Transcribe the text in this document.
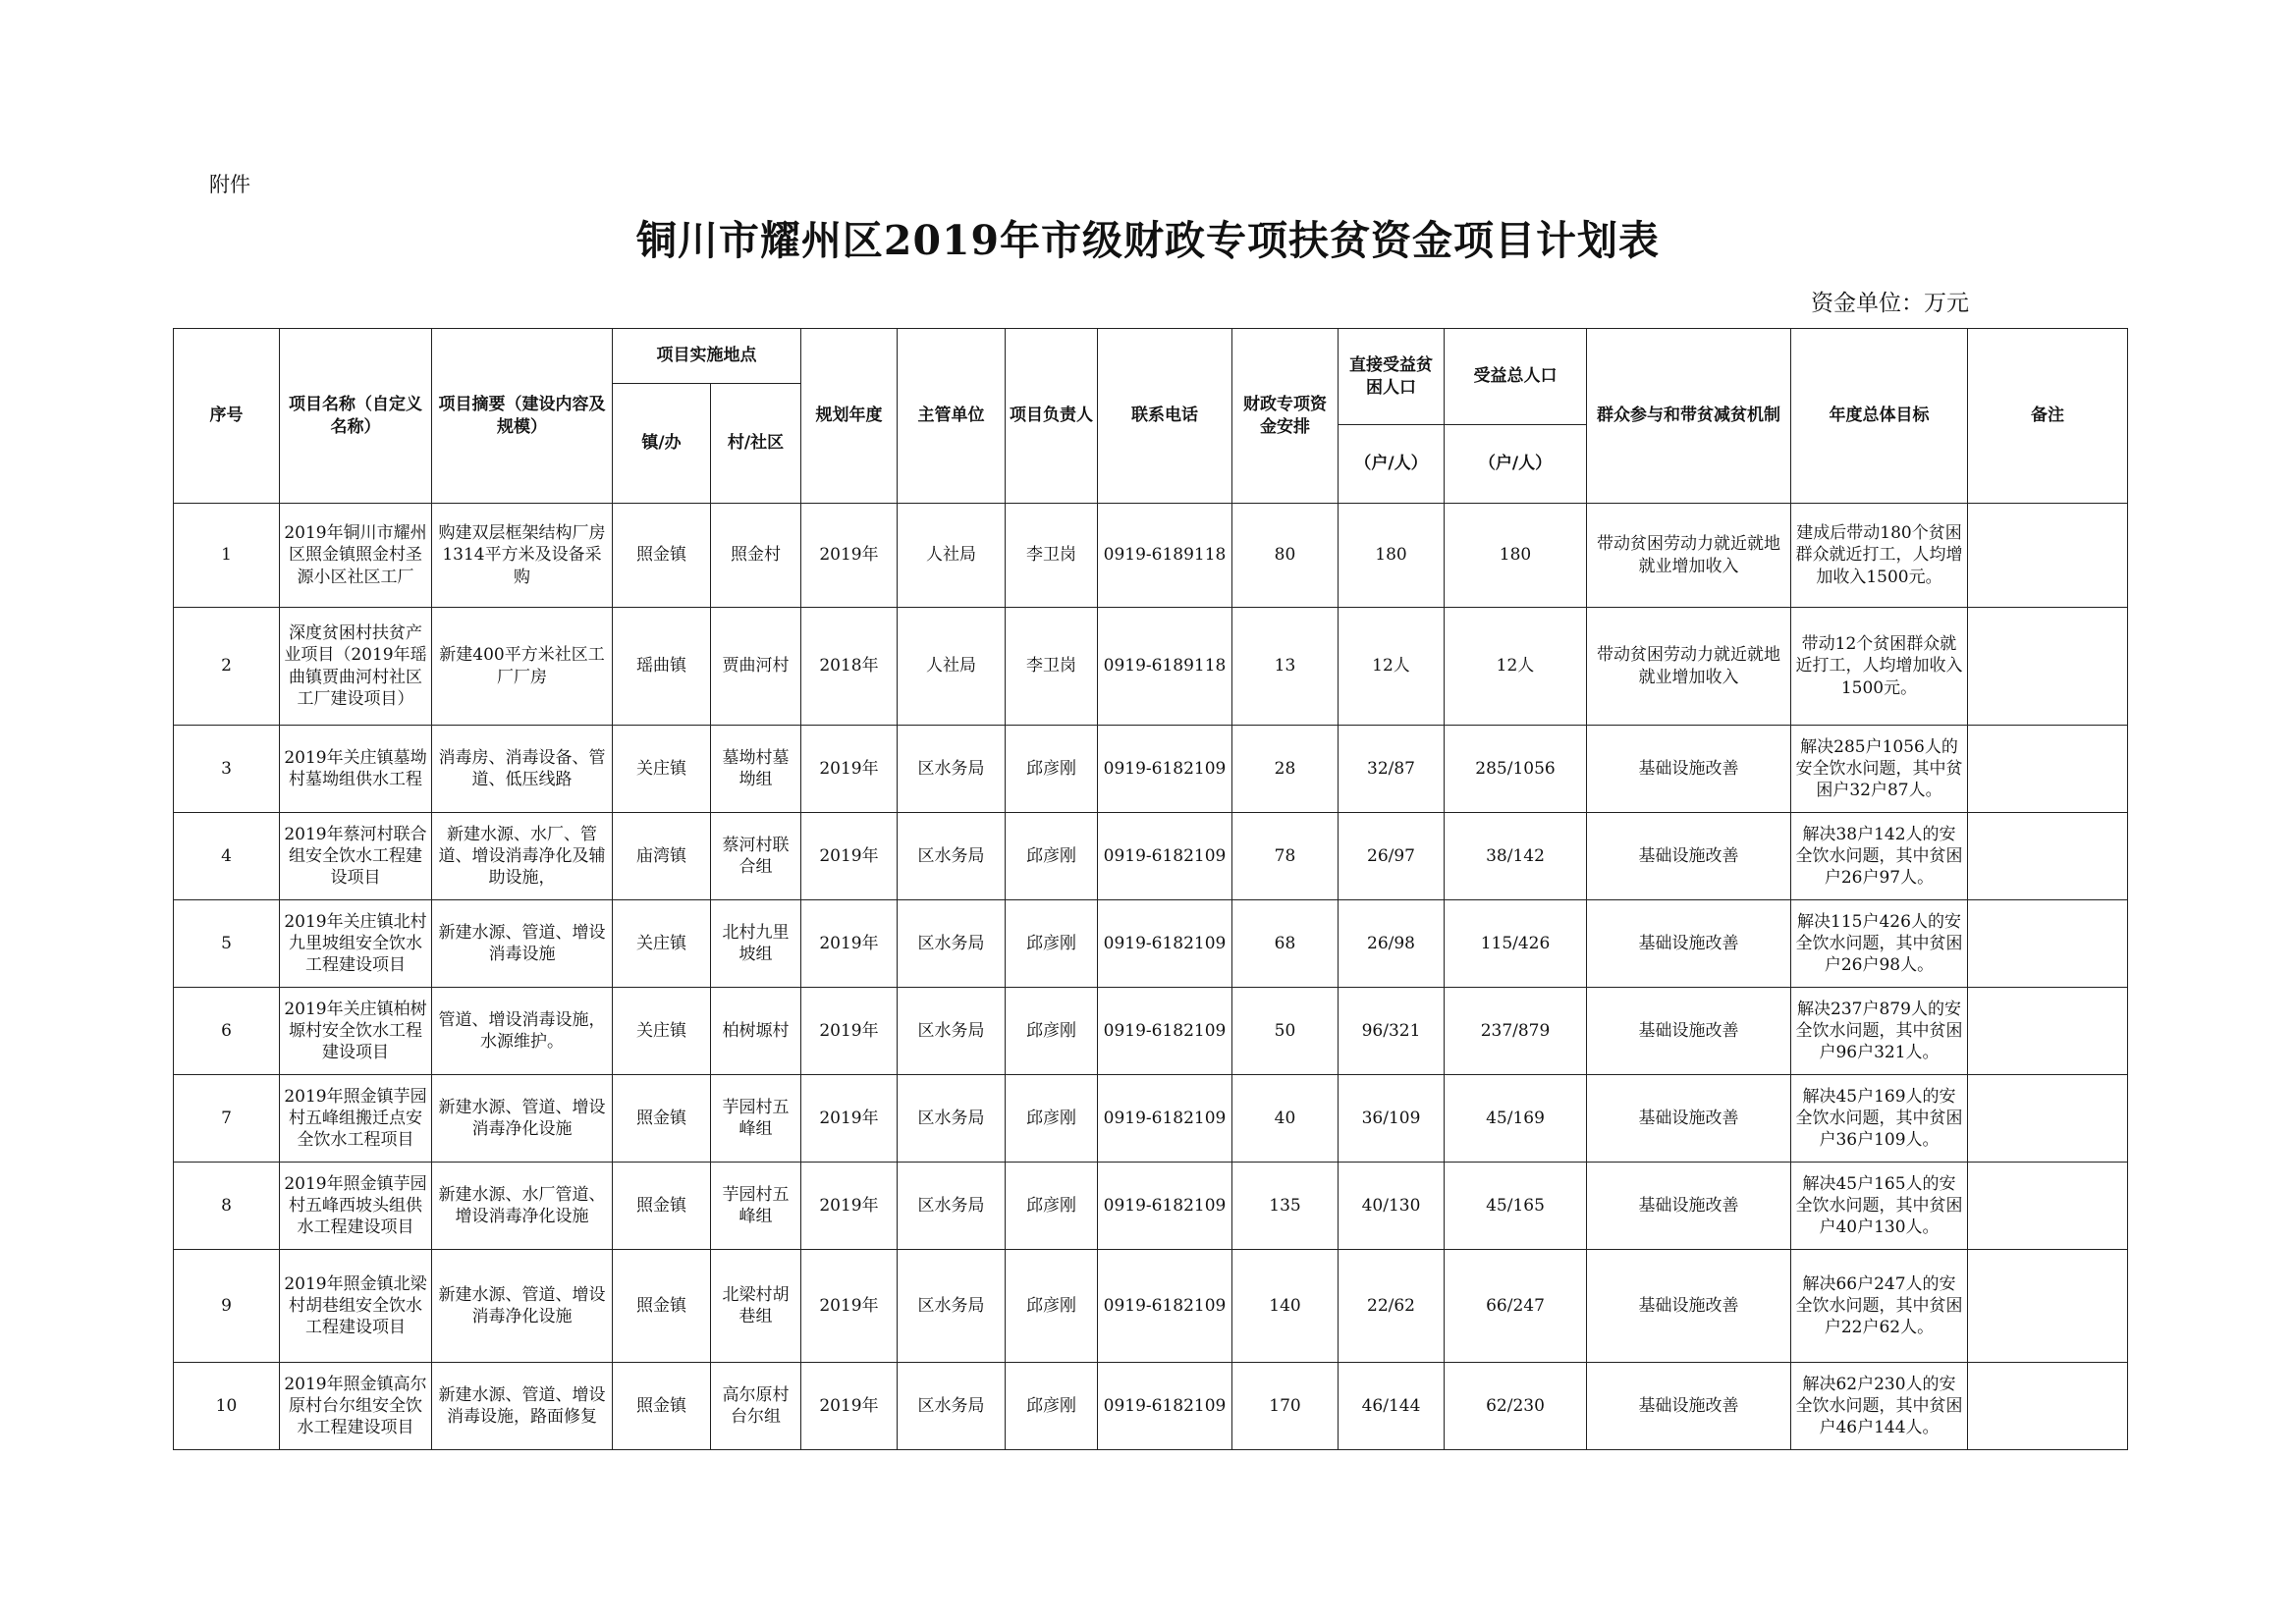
附件
铜川市耀州区2019年市级财政专项扶贫资金项目计划表
资金单位：万元
序号	项目名称（自定义名称）	项目摘要（建设内容及规模）	项目实施地点		规划年度	主管单位	项目负责人	联系电话	财政专项资金安排	直接受益贫困人口	受益总人口	群众参与和带贫减贫机制	年度总体目标	备注
			镇/办	村/社区										
										（户/人）	（户/人）			
1	2019年铜川市耀州区照金镇照金村圣源小区社区工厂	购建双层框架结构厂房1314平方米及设备采购	照金镇	照金村	2019年	人社局	李卫岗	0919-6189118	80	180	180	带动贫困劳动力就近就地就业增加收入	建成后带动180个贫困群众就近打工，人均增加收入1500元。	
2	深度贫困村扶贫产业项目（2019年瑶曲镇贾曲河村社区工厂建设项目）	新建400平方米社区工厂厂房	瑶曲镇	贾曲河村	2018年	人社局	李卫岗	0919-6189118	13	12人	12人	带动贫困劳动力就近就地就业增加收入	带动12个贫困群众就近打工，人均增加收入1500元。	
3	2019年关庄镇墓坳村墓坳组供水工程	消毒房、消毒设备、管道、低压线路	关庄镇	墓坳村墓坳组	2019年	区水务局	邱彦刚	0919-6182109	28	32/87	285/1056	基础设施改善	解决285户1056人的安全饮水问题，其中贫困户32户87人。	
4	2019年蔡河村联合组安全饮水工程建设项目	新建水源、水厂、管道、增设消毒净化及辅助设施，	庙湾镇	蔡河村联合组	2019年	区水务局	邱彦刚	0919-6182109	78	26/97	38/142	基础设施改善	解决38户142人的安全饮水问题，其中贫困户26户97人。	
5	2019年关庄镇北村九里坡组安全饮水工程建设项目	新建水源、管道、增设消毒设施	关庄镇	北村九里坡组	2019年	区水务局	邱彦刚	0919-6182109	68	26/98	115/426	基础设施改善	解决115户426人的安全饮水问题，其中贫困户26户98人。	
6	2019年关庄镇柏树塬村安全饮水工程建设项目	管道、增设消毒设施，水源维护。	关庄镇	柏树塬村	2019年	区水务局	邱彦刚	0919-6182109	50	96/321	237/879	基础设施改善	解决237户879人的安全饮水问题，其中贫困户96户321人。	
7	2019年照金镇芋园村五峰组搬迁点安全饮水工程项目	新建水源、管道、增设消毒净化设施	照金镇	芋园村五峰组	2019年	区水务局	邱彦刚	0919-6182109	40	36/109	45/169	基础设施改善	解决45户169人的安全饮水问题，其中贫困户36户109人。	
8	2019年照金镇芋园村五峰西坡头组供水工程建设项目	新建水源、水厂管道、增设消毒净化设施	照金镇	芋园村五峰组	2019年	区水务局	邱彦刚	0919-6182109	135	40/130	45/165	基础设施改善	解决45户165人的安全饮水问题，其中贫困户40户130人。	
9	2019年照金镇北梁村胡巷组安全饮水工程建设项目	新建水源、管道、增设消毒净化设施	照金镇	北梁村胡巷组	2019年	区水务局	邱彦刚	0919-6182109	140	22/62	66/247	基础设施改善	解决66户247人的安全饮水问题，其中贫困户22户62人。	
10	2019年照金镇高尔原村台尔组安全饮水工程建设项目	新建水源、管道、增设消毒设施，路面修复	照金镇	高尔原村台尔组	2019年	区水务局	邱彦刚	0919-6182109	170	46/144	62/230	基础设施改善	解决62户230人的安全饮水问题，其中贫困户46户144人。	
